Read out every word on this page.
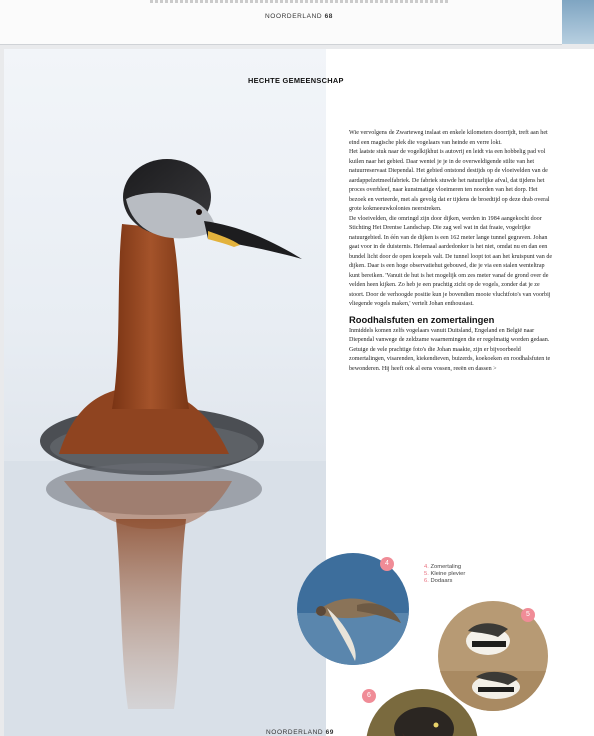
NOORDERLAND 68
HECHTE GEMEENSCHAP

Wie vervolgens de Zwarteweg inslaat en enkele kilometers doorrijdt, treft aan het eind een magische plek die vogelaars van heinde en verre lokt.

Het laatste stuk naar de vogelkijkhut is autovrij en leidt via een hobbelig pad vol kuilen naar het gebied. Daar wentel je je in de overweldigende stilte van het natuurreservaat Diependal. Het gebied ontstond destijds op de vloeivelden van de aardappelzetmeelfabriek. De fabriek stuwde het natuurlijke afval, dat tijdens het proces overbleef, naar kunstmatige vloeimeren ten noorden van het dorp. Het bezoek en verteerde, met als gevolg dat er tijdens de broedtijd op deze drab overal grote kokmeeuwkolonies neerstreken.

De vloeivelden, die omringd zijn door dijken, werden in 1984 aangekocht door Stichting Het Drentse Landschap. Die zag wel wat in dat fraaie, vogelrijke natuurgebied. In één van de dijken is een 162 meter lange tunnel gegraven. Johan gaat voor in de duisternis. Helemaal aardedonker is het niet, omdat nu en dan een bundel licht door de open koepels valt. De tunnel loopt tot aan het kruispunt van de dijken. Daar is een hoge observatiehut gebouwd, die je via een stalen wenteltrap kunt bereiken. 'Vanuit de hut is het mogelijk om zes meter vanaf de grond over de velden heen kijken. Zo heb je een prachtig zicht op de vogels, zonder dat je ze stoort. Door de verhoogde positie kun je bovendien mooie vluchtfoto's van voorbij vliegende vogels maken,' vertelt Johan enthousiast.

Roodhalsfuten en zomertalingen

Inmiddels komen zelfs vogelaars vanuit Duitsland, Engeland en België naar Diependal vanwege de zeldzame waarnemingen die er regelmatig worden gedaan. Getuige de vele prachtige foto's die Johan maakte, zijn er bijvoorbeeld zomertalingen, visarenden, kiekendieven, buizerds, koekoeken en roodhalsfuten te bewonderen. Hij heeft ook al eens vossen, reeën en dassen >

4
5
6
4. Zomertaling
5. Kleine plevier
6. Dodaars
NOORDERLAND 69
